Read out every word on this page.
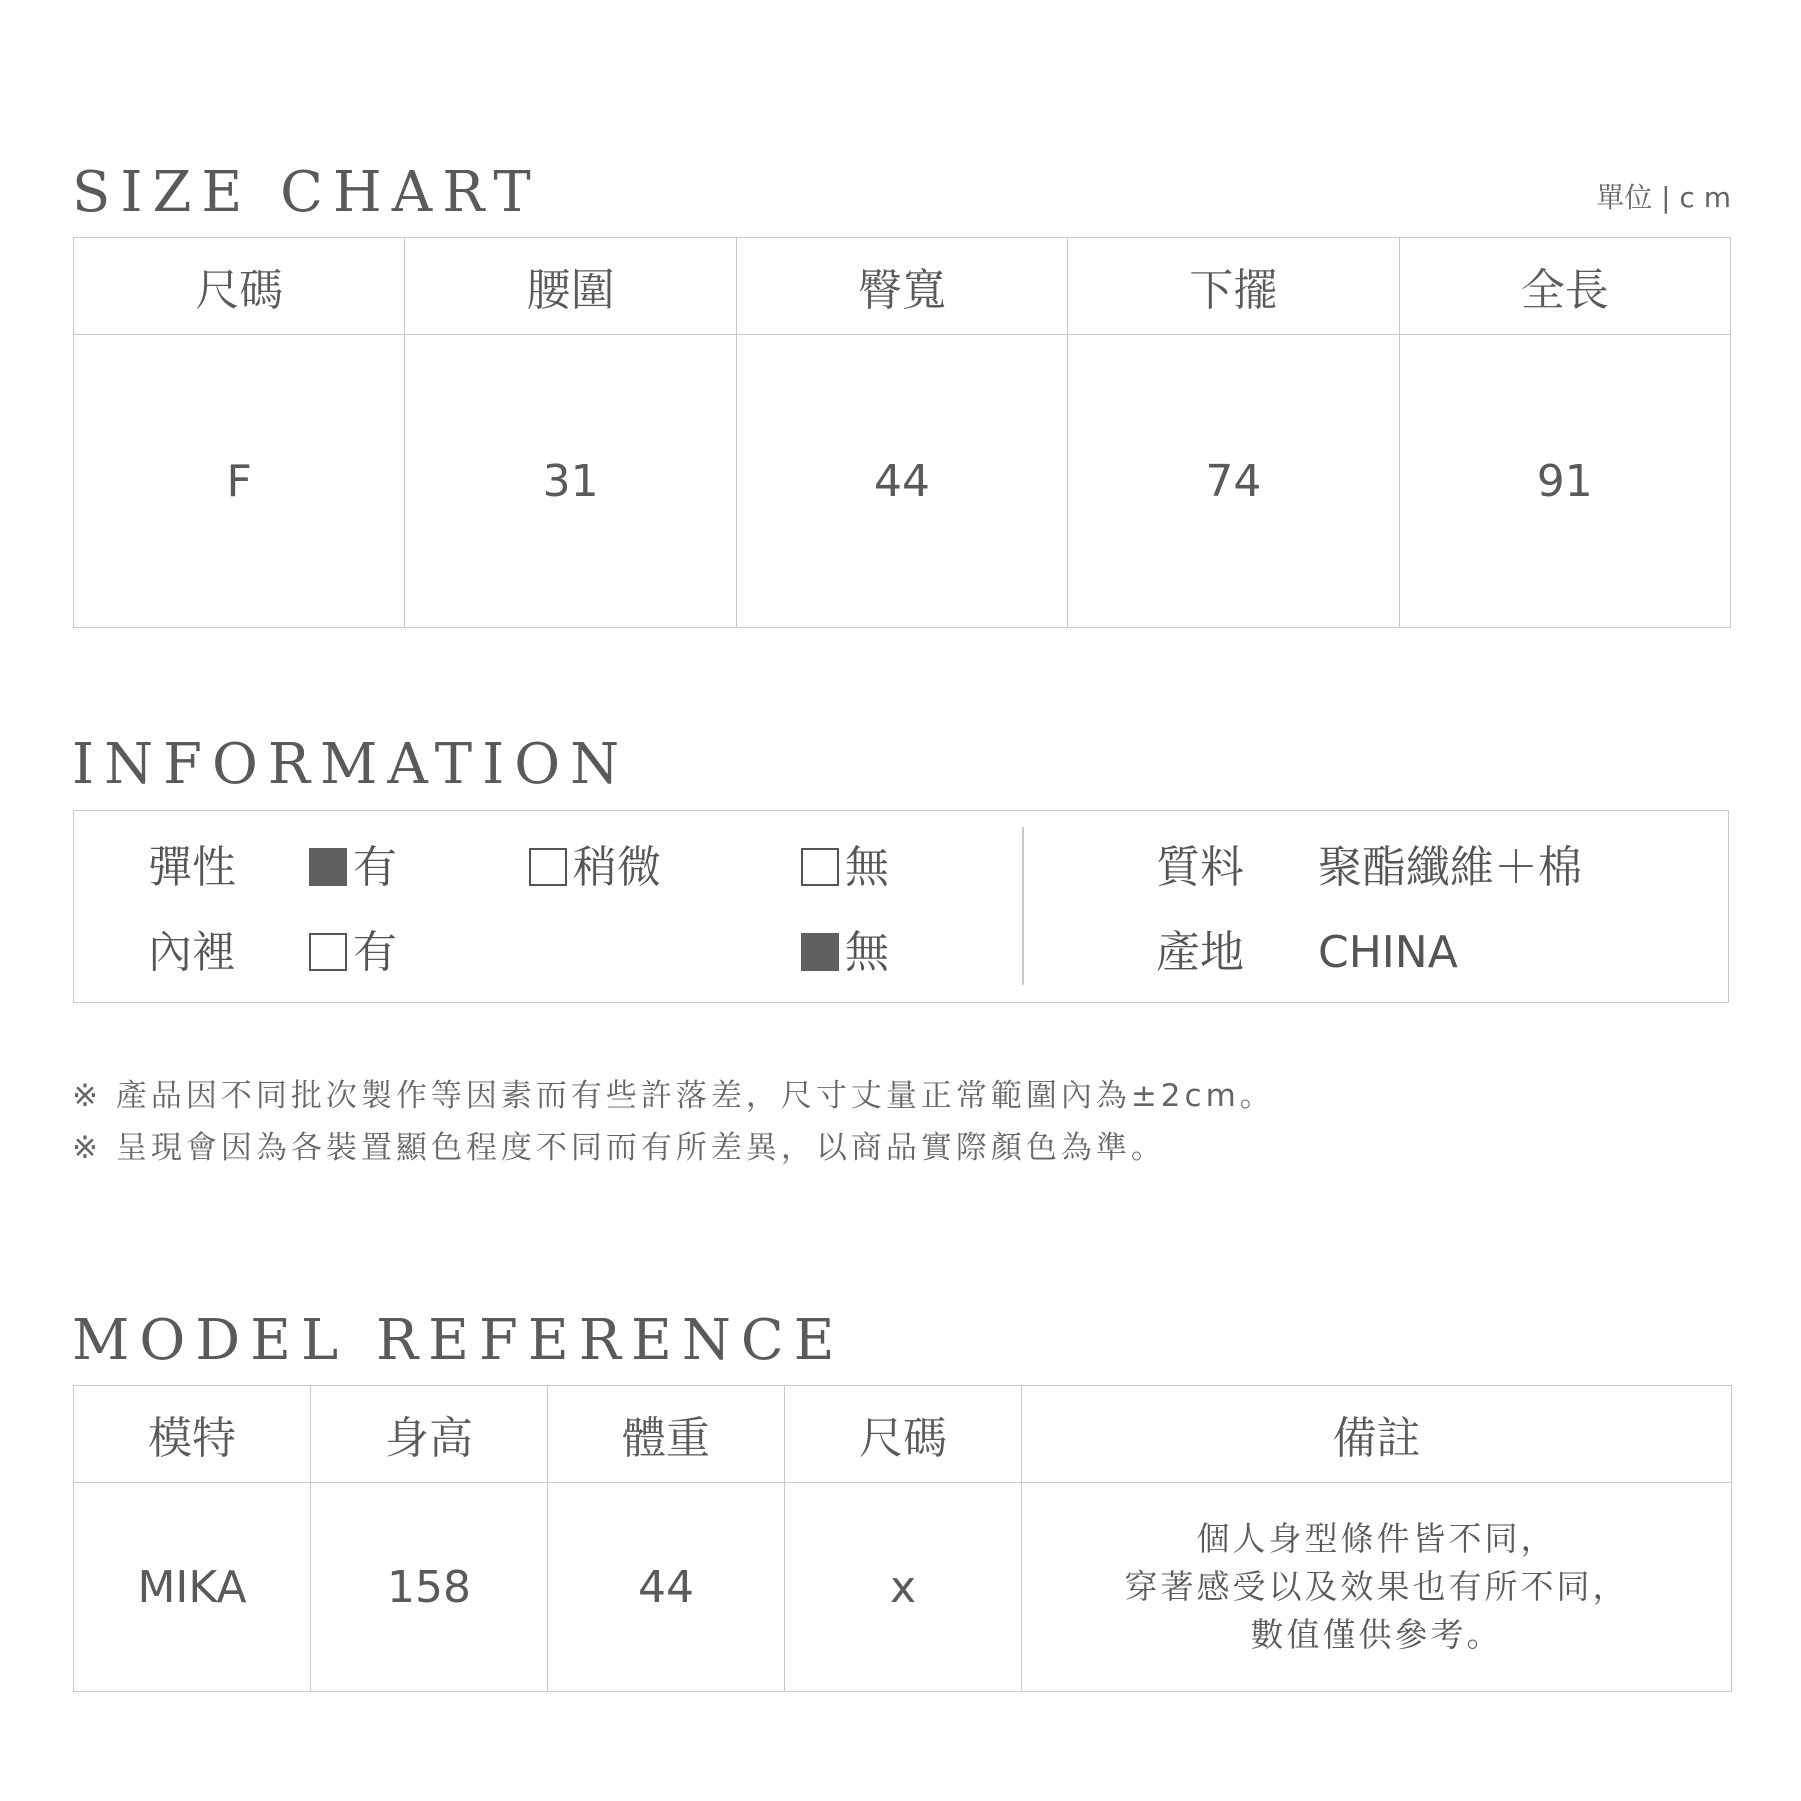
SIZE CHART	單位 | c m
尺碼	腰圍	臀寬	下擺	全長
F	31	44	74	91
INFORMATION
彈性	有	稍微	無
內裡	有	無
質料 聚酯纖維＋棉
產地 CHINA
※ 產品因不同批次製作等因素而有些許落差，尺寸丈量正常範圍內為±2cm。
※ 呈現會因為各裝置顯色程度不同而有所差異，以商品實際顏色為準。
MODEL REFERENCE
模特	身高	體重	尺碼	備註
MIKA	158	44	x	個人身型條件皆不同，
穿著感受以及效果也有所不同，
數值僅供參考。
